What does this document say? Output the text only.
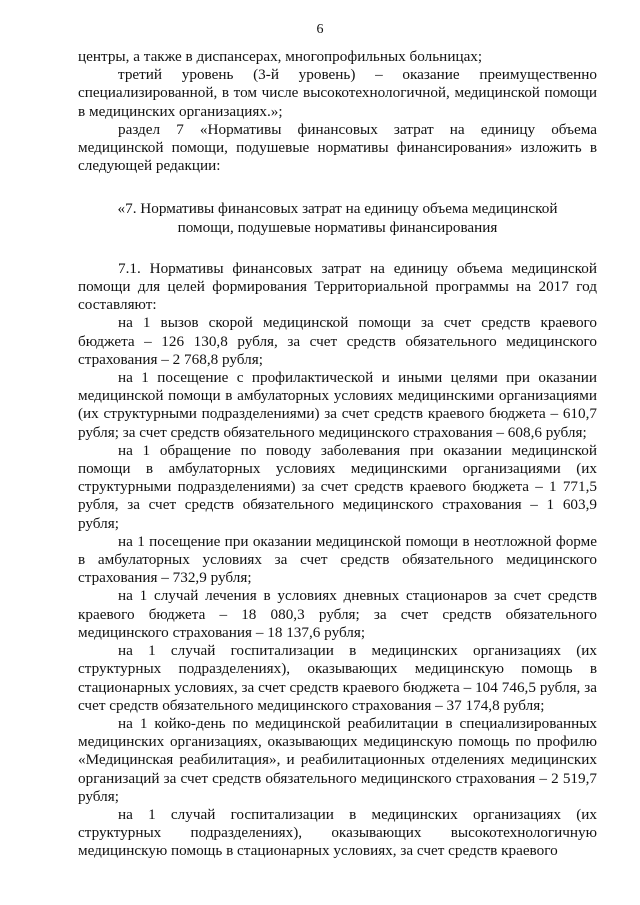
6

центры, а также в диспансерах, многопрофильных больницах;

третий уровень (3-й уровень) – оказание преимущественно специализированной, в том числе высокотехнологичной, медицинской помощи в медицинских организациях.»;

раздел 7 «Нормативы финансовых затрат на единицу объема медицинской помощи, подушевые нормативы финансирования» изложить в следующей редакции:

«7. Нормативы финансовых затрат на единицу объема медицинской
помощи, подушевые нормативы финансирования

7.1. Нормативы финансовых затрат на единицу объема медицинской помощи для целей формирования Территориальной программы на 2017 год составляют:

на 1 вызов скорой медицинской помощи за счет средств краевого бюджета – 126 130,8 рубля, за счет средств обязательного медицинского страхования – 2 768,8 рубля;

на 1 посещение с профилактической и иными целями при оказании медицинской помощи в амбулаторных условиях медицинскими организациями (их структурными подразделениями) за счет средств краевого бюджета – 610,7 рубля; за счет средств обязательного медицинского страхования – 608,6 рубля;

на 1 обращение по поводу заболевания при оказании медицинской помощи в амбулаторных условиях медицинскими организациями (их структурными подразделениями) за счет средств краевого бюджета – 1 771,5 рубля, за счет средств обязательного медицинского страхования – 1 603,9 рубля;

на 1 посещение при оказании медицинской помощи в неотложной форме в амбулаторных условиях за счет средств обязательного медицинского страхования – 732,9 рубля;

на 1 случай лечения в условиях дневных стационаров за счет средств краевого бюджета – 18 080,3 рубля; за счет средств обязательного медицинского страхования – 18 137,6 рубля;

на 1 случай госпитализации в медицинских организациях (их структурных подразделениях), оказывающих медицинскую помощь в стационарных условиях, за счет средств краевого бюджета – 104 746,5 рубля, за счет средств обязательного медицинского страхования – 37 174,8 рубля;

на 1 койко-день по медицинской реабилитации в специализированных медицинских организациях, оказывающих медицинскую помощь по профилю «Медицинская реабилитация», и реабилитационных отделениях медицинских организаций за счет средств обязательного медицинского страхования – 2 519,7 рубля;

на 1 случай госпитализации в медицинских организациях (их структурных подразделениях), оказывающих высокотехнологичную медицинскую помощь в стационарных условиях, за счет средств краевого
